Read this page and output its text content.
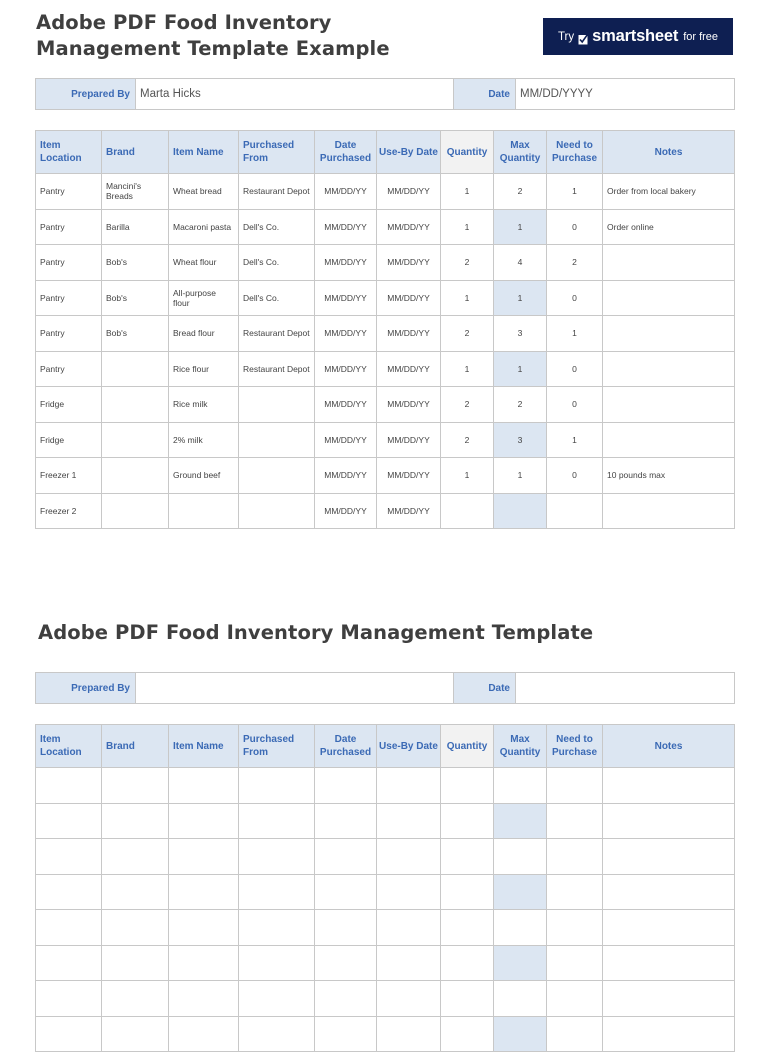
Adobe PDF Food Inventory
Management Template Example
Try smartsheet for free
Prepared By	Marta Hicks	Date	MM/DD/YYYY
Item Location	Brand	Item Name	Purchased From	Date Purchased	Use-By Date	Quantity	Max Quantity	Need to Purchase	Notes
Pantry	Mancini's Breads	Wheat bread	Restaurant Depot	MM/DD/YY	MM/DD/YY	1	2	1	Order from local bakery
Pantry	Barilla	Macaroni pasta	Dell's Co.	MM/DD/YY	MM/DD/YY	1	1	0	Order online
Pantry	Bob's	Wheat flour	Dell's Co.	MM/DD/YY	MM/DD/YY	2	4	2	
Pantry	Bob's	All-purpose flour	Dell's Co.	MM/DD/YY	MM/DD/YY	1	1	0	
Pantry	Bob's	Bread flour	Restaurant Depot	MM/DD/YY	MM/DD/YY	2	3	1	
Pantry		Rice flour	Restaurant Depot	MM/DD/YY	MM/DD/YY	1	1	0	
Fridge		Rice milk		MM/DD/YY	MM/DD/YY	2	2	0	
Fridge		2% milk		MM/DD/YY	MM/DD/YY	2	3	1	
Freezer 1		Ground beef		MM/DD/YY	MM/DD/YY	1	1	0	10 pounds max
Freezer 2				MM/DD/YY	MM/DD/YY				
Adobe PDF Food Inventory Management Template
Prepared By		Date	
Item Location	Brand	Item Name	Purchased From	Date Purchased	Use-By Date	Quantity	Max Quantity	Need to Purchase	Notes
